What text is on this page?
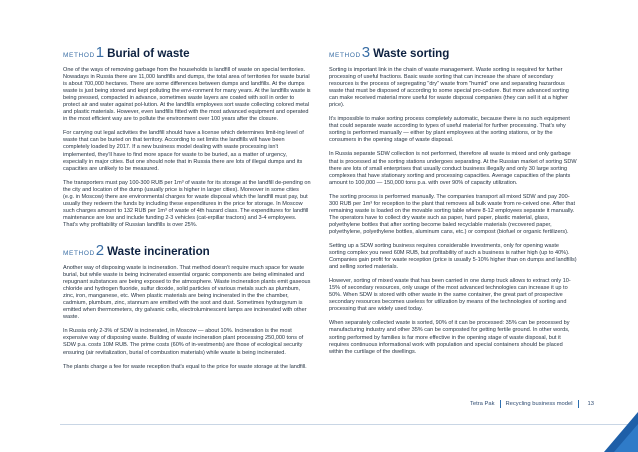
METHOD 1 Burial of waste

One of the ways of removing garbage from the households is landfill of waste on special territories. Nowadays in Russia there are 11,000 landfills and dumps, the total area of territories for waste burial is about 700,000 hectares. There are some differences between dumps and landfills. At the dumps waste is just being stored and kept polluting the envi-ronment for many years. At the landfills waste is being pressed, compacted in advance, sometimes waste layers are coated with soil in order to protect air and water against pol-lution. At the landfills employees sort waste collecting colored metal and plastic materials. However, even landfills fitted with the most advanced equipment and operated in the most efficient way are to pollute the environment over 100 years after the closure.

For carrying out legal activities the landfill should have a license which determines limit-ing level of waste that can be buried on that territory. According to set limits the landfills will have been completely loaded by 2017. If a new business model dealing with waste processing isn't implemented, they'll have to find more space for waste to be buried, as a matter of urgency, especially in major cities. But one should note that in Russia there are lots of illegal dumps and its capacities are unlikely to be measured.

The transporters must pay 100-300 RUB per 1m³ of waste for its storage at the landfill de-pending on the city and location of the dump (usually price is higher in larger cities). Moreover in some cities (e.g. in Moscow) there are environmental charges for waste disposal which the landfill must pay, but usually they redeem the funds by including these expenditures in the price for storage. In Moscow such charges amount to 132 RUB per 1m³ of waste of 4th hazard class. The expenditures for landfill maintenance are low and include funding 2-3 vehicles (cat-erpillar tractors) and 3-4 employees. That's why profitability of Russian landfills is over 25%.

METHOD 2 Waste incineration

Another way of disposing waste is incineration. That method doesn't require much space for waste burial, but while waste is being incinerated essential organic components are being eliminated and repugnant substances are being exposed to the atmosphere. Waste incineration plants emit gaseous chloride and hydrogen fluoride, sulfur dioxide, solid particles of various metals such as plumbum, zinc, iron, manganese, etc. When plastic materials are being incinerated in the the chamber, cadmium, plumbum, zinc, stannum are emitted with the soot and dust. Sometimes hydrargyrum is emitted when thermometers, dry galvanic cells, electroluminescent lamps are incinerated with other waste.

In Russia only 2-3% of SDW is incinerated, in Moscow — about 10%. Incineration is the most expensive way of disposing waste. Building of waste incineration plant processing 250,000 tons of SDW p.a. costs 10M RUB. The prime costs (60% of in-vestments) are those of ecological security ensuring (air revitalization, burial of combustion materials) while waste is being incinerated.

The plants charge a fee for waste reception that's equal to the price for waste storage at the landfill.

METHOD 3 Waste sorting

Sorting is important link in the chain of waste management. Waste sorting is required for further processing of useful fractions. Basic waste sorting that can increase the share of secondary resources is the process of segregating "dry" waste from "humid" one and separating hazardous waste that must be disposed of according to some special pro-cedure. But more advanced sorting can make received material more useful for waste disposal companies (they can sell it at a higher price).

It's impossible to make sorting process completely automatic, because there is no such equipment that could separate waste according to types of useful material for further processing. That's why sorting is performed manually — either by plant employees at the sorting stations, or by the consumers in the opening stage of waste disposal.

In Russia separate SDW collection is not performed, therefore all waste is mixed and only garbage that is processed at the sorting stations undergoes separating. At the Russian market of sorting SDW there are lots of small enterprises that usually conduct business illegally and only 30 large sorting complexes that have stationary sorting and processing capacities. Average capacities of the plants amount to 100,000 — 150,000 tons p.a. with over 90% of capacity utilization.

The sorting process is performed manually. The companies transport all mixed SDW and pay 200-300 RUB per 1m³ for reception to the plant that removes all bulk waste from re-ceived one. After that remaining waste is loaded on the movable sorting table where 8-12 employees separate it manually. The operators have to collect dry waste such as paper, hard paper, plastic material, glass, polyethylene bottles that after sorting become baled recyclable materials (recovered paper, polyethylene, polyethylene bottles, aluminum cans, etc.) or compost (biofuel or organic fertilizers).

Setting up a SDW sorting business requires considerable investments, only for opening waste sorting complex you need 60M RUB, but profitability of such a business is rather high (up to 40%). Companies gain profit for waste reception (price is usually 5-10% higher than on dumps and landfills) and selling sorted materials.

However, sorting of mixed waste that has been carried in one dump truck allows to extract only 10-15% of secondary resources, only usage of the most advanced technologies can increase it up to 50%. When SDW is stored with other waste in the same container, the great part of prospective secondary resources becomes useless for utilization by means of the technologies of sorting and processing that are widely used today.

When separately collected waste is sorted, 90% of it can be processed: 35% can be processed by manufacturing industry and other 35% can be composted for getting fertile ground. In other words, sorting performed by families is far more effective in the opening stage of waste disposal, but it requires continuous informational work with population and special containers should be placed within the curtilage of the dwellings.

Tetra Pak Recycling business model	13
